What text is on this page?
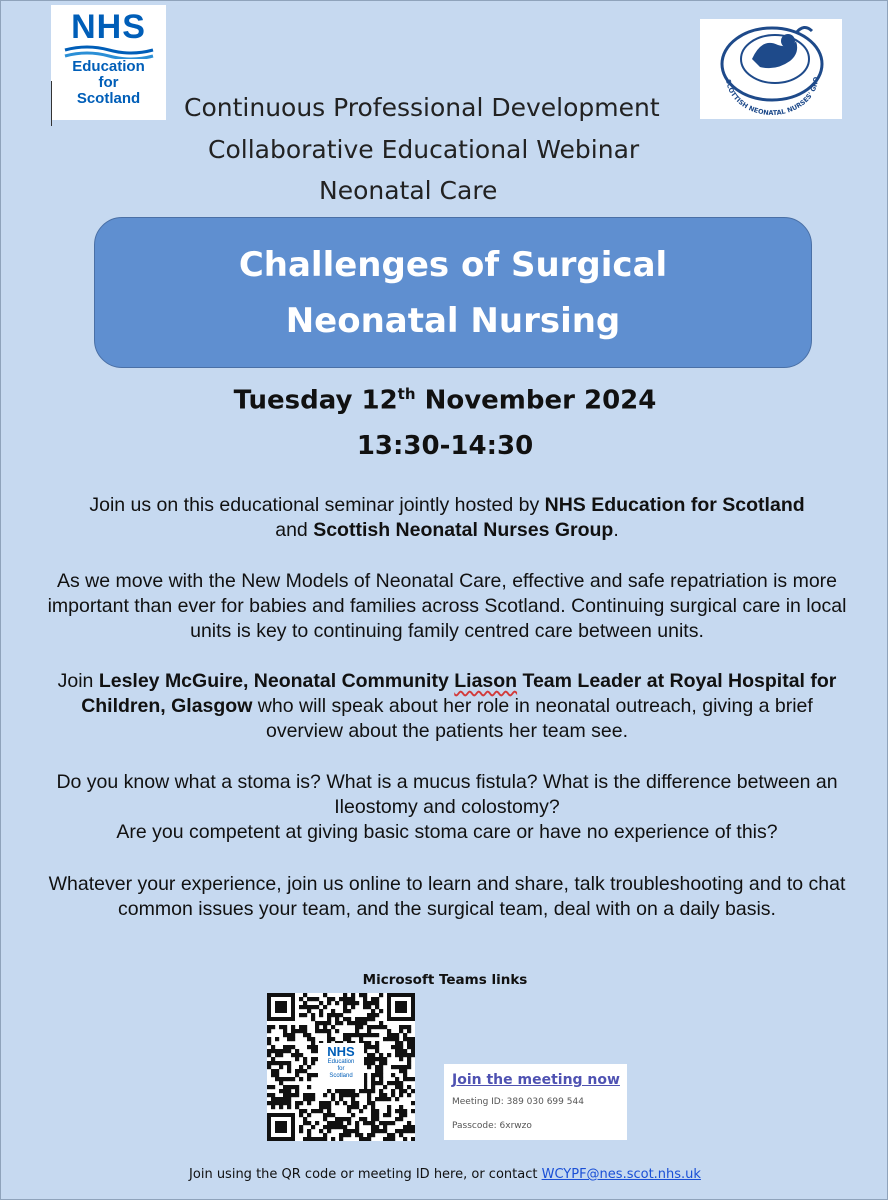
NHS
Education
for
Scotland
SCOTTISH NEONATAL NURSES' GRO
Continuous Professional Development
Collaborative Educational Webinar
Neonatal Care
Challenges of Surgical
Neonatal Nursing
Tuesday 12th November 2024
13:30-14:30
Join us on this educational seminar jointly hosted by NHS Education for Scotland
and Scottish Neonatal Nurses Group.
As we move with the New Models of Neonatal Care, effective and safe repatriation is more important than ever for babies and families across Scotland. Continuing surgical care in local units is key to continuing family centred care between units.
Join Lesley McGuire, Neonatal Community Liason Team Leader at Royal Hospital for Children, Glasgow who will speak about her role in neonatal outreach, giving a brief overview about the patients her team see.
Do you know what a stoma is? What is a mucus fistula? What is the difference between an Ileostomy and colostomy?
Are you competent at giving basic stoma care or have no experience of this?
Whatever your experience, join us online to learn and share, talk troubleshooting and to chat common issues your team, and the surgical team, deal with on a daily basis.
Microsoft Teams links
NHS
Education
for
Scotland	Join the meeting now
Meeting ID: 389 030 699 544
Passcode: 6xrwzo
Join using the QR code or meeting ID here, or contact WCYPF@nes.scot.nhs.uk
